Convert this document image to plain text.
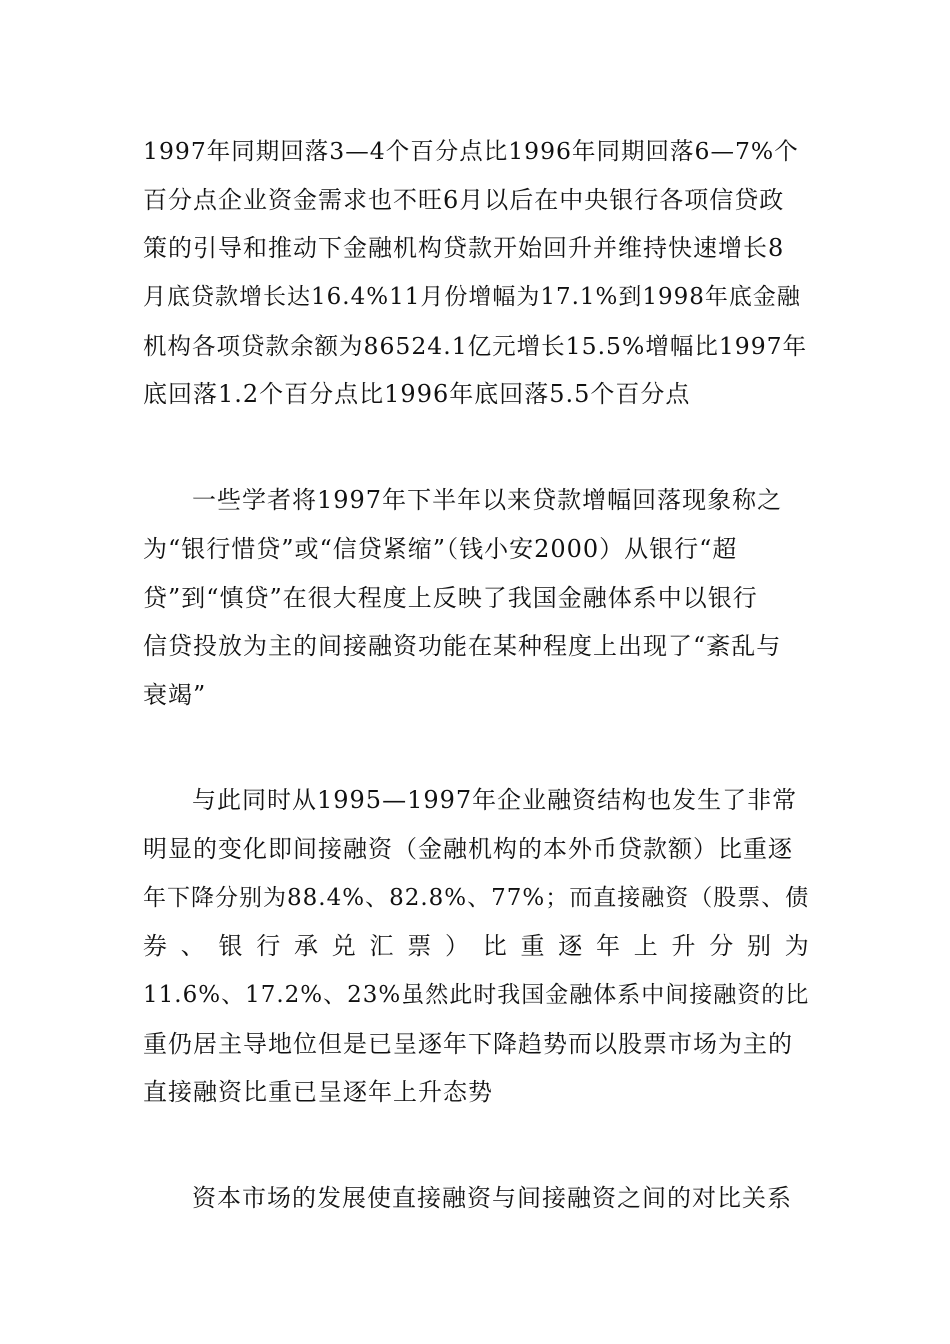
1997年同期回落3—4个百分点比1996年同期回落6—7%个
百分点企业资金需求也不旺6月以后在中央银行各项信贷政
策的引导和推动下金融机构贷款开始回升并维持快速增长8
月底贷款增长达16.4%11月份增幅为17.1%到1998年底金融
机构各项贷款余额为86524.1亿元增长15.5%增幅比1997年
底回落1.2个百分点比1996年底回落5.5个百分点
一些学者将1997年下半年以来贷款增幅回落现象称之
为“银行惜贷”或“信贷紧缩”（钱小安2000）从银行“超
贷”到“慎贷”在很大程度上反映了我国金融体系中以银行
信贷投放为主的间接融资功能在某种程度上出现了“紊乱与
衰竭”
与此同时从1995—1997年企业融资结构也发生了非常
明显的变化即间接融资（金融机构的本外币贷款额）比重逐
年下降分别为88.4%、82.8%、77%；而直接融资（股票、债
券 、 银 行 承 兑 汇 票 ） 比 重 逐 年 上 升 分 别 为
11.6%、17.2%、23%虽然此时我国金融体系中间接融资的比
重仍居主导地位但是已呈逐年下降趋势而以股票市场为主的
直接融资比重已呈逐年上升态势
资本市场的发展使直接融资与间接融资之间的对比关系
